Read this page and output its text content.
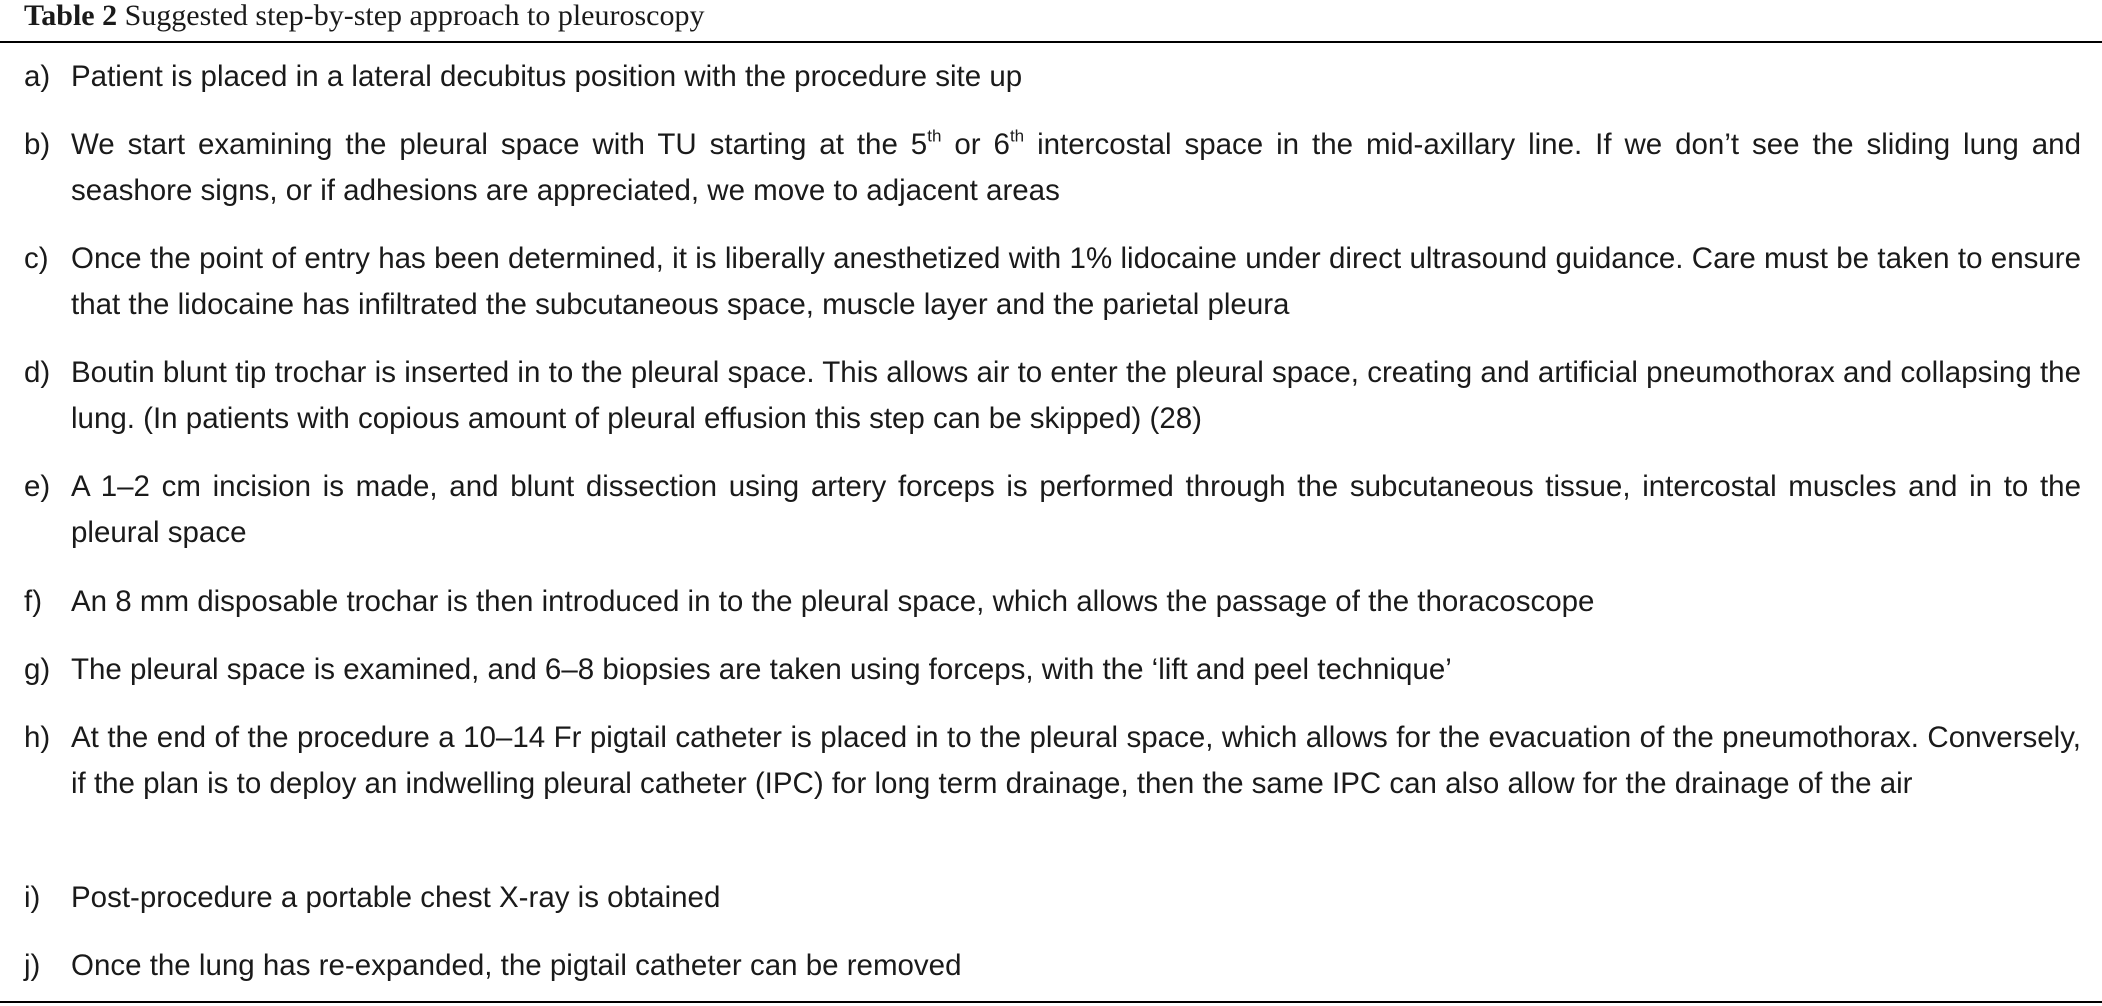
Table 2 Suggested step-by-step approach to pleuroscopy
a) Patient is placed in a lateral decubitus position with the procedure site up
b) We start examining the pleural space with TU starting at the 5th or 6th intercostal space in the mid-axillary line. If we don’t see the sliding lung and seashore signs, or if adhesions are appreciated, we move to adjacent areas
c) Once the point of entry has been determined, it is liberally anesthetized with 1% lidocaine under direct ultrasound guidance. Care must be taken to ensure that the lidocaine has infiltrated the subcutaneous space, muscle layer and the parietal pleura
d) Boutin blunt tip trochar is inserted in to the pleural space. This allows air to enter the pleural space, creating and artificial pneumothorax and collapsing the lung. (In patients with copious amount of pleural effusion this step can be skipped) (28)
e) A 1–2 cm incision is made, and blunt dissection using artery forceps is performed through the subcutaneous tissue, intercostal muscles and in to the pleural space
f) An 8 mm disposable trochar is then introduced in to the pleural space, which allows the passage of the thoracoscope
g) The pleural space is examined, and 6–8 biopsies are taken using forceps, with the ‘lift and peel technique’
h) At the end of the procedure a 10–14 Fr pigtail catheter is placed in to the pleural space, which allows for the evacuation of the pneumothorax. Conversely, if the plan is to deploy an indwelling pleural catheter (IPC) for long term drainage, then the same IPC can also allow for the drainage of the air
i)	Post-procedure a portable chest X-ray is obtained
j)	Once the lung has re-expanded, the pigtail catheter can be removed
